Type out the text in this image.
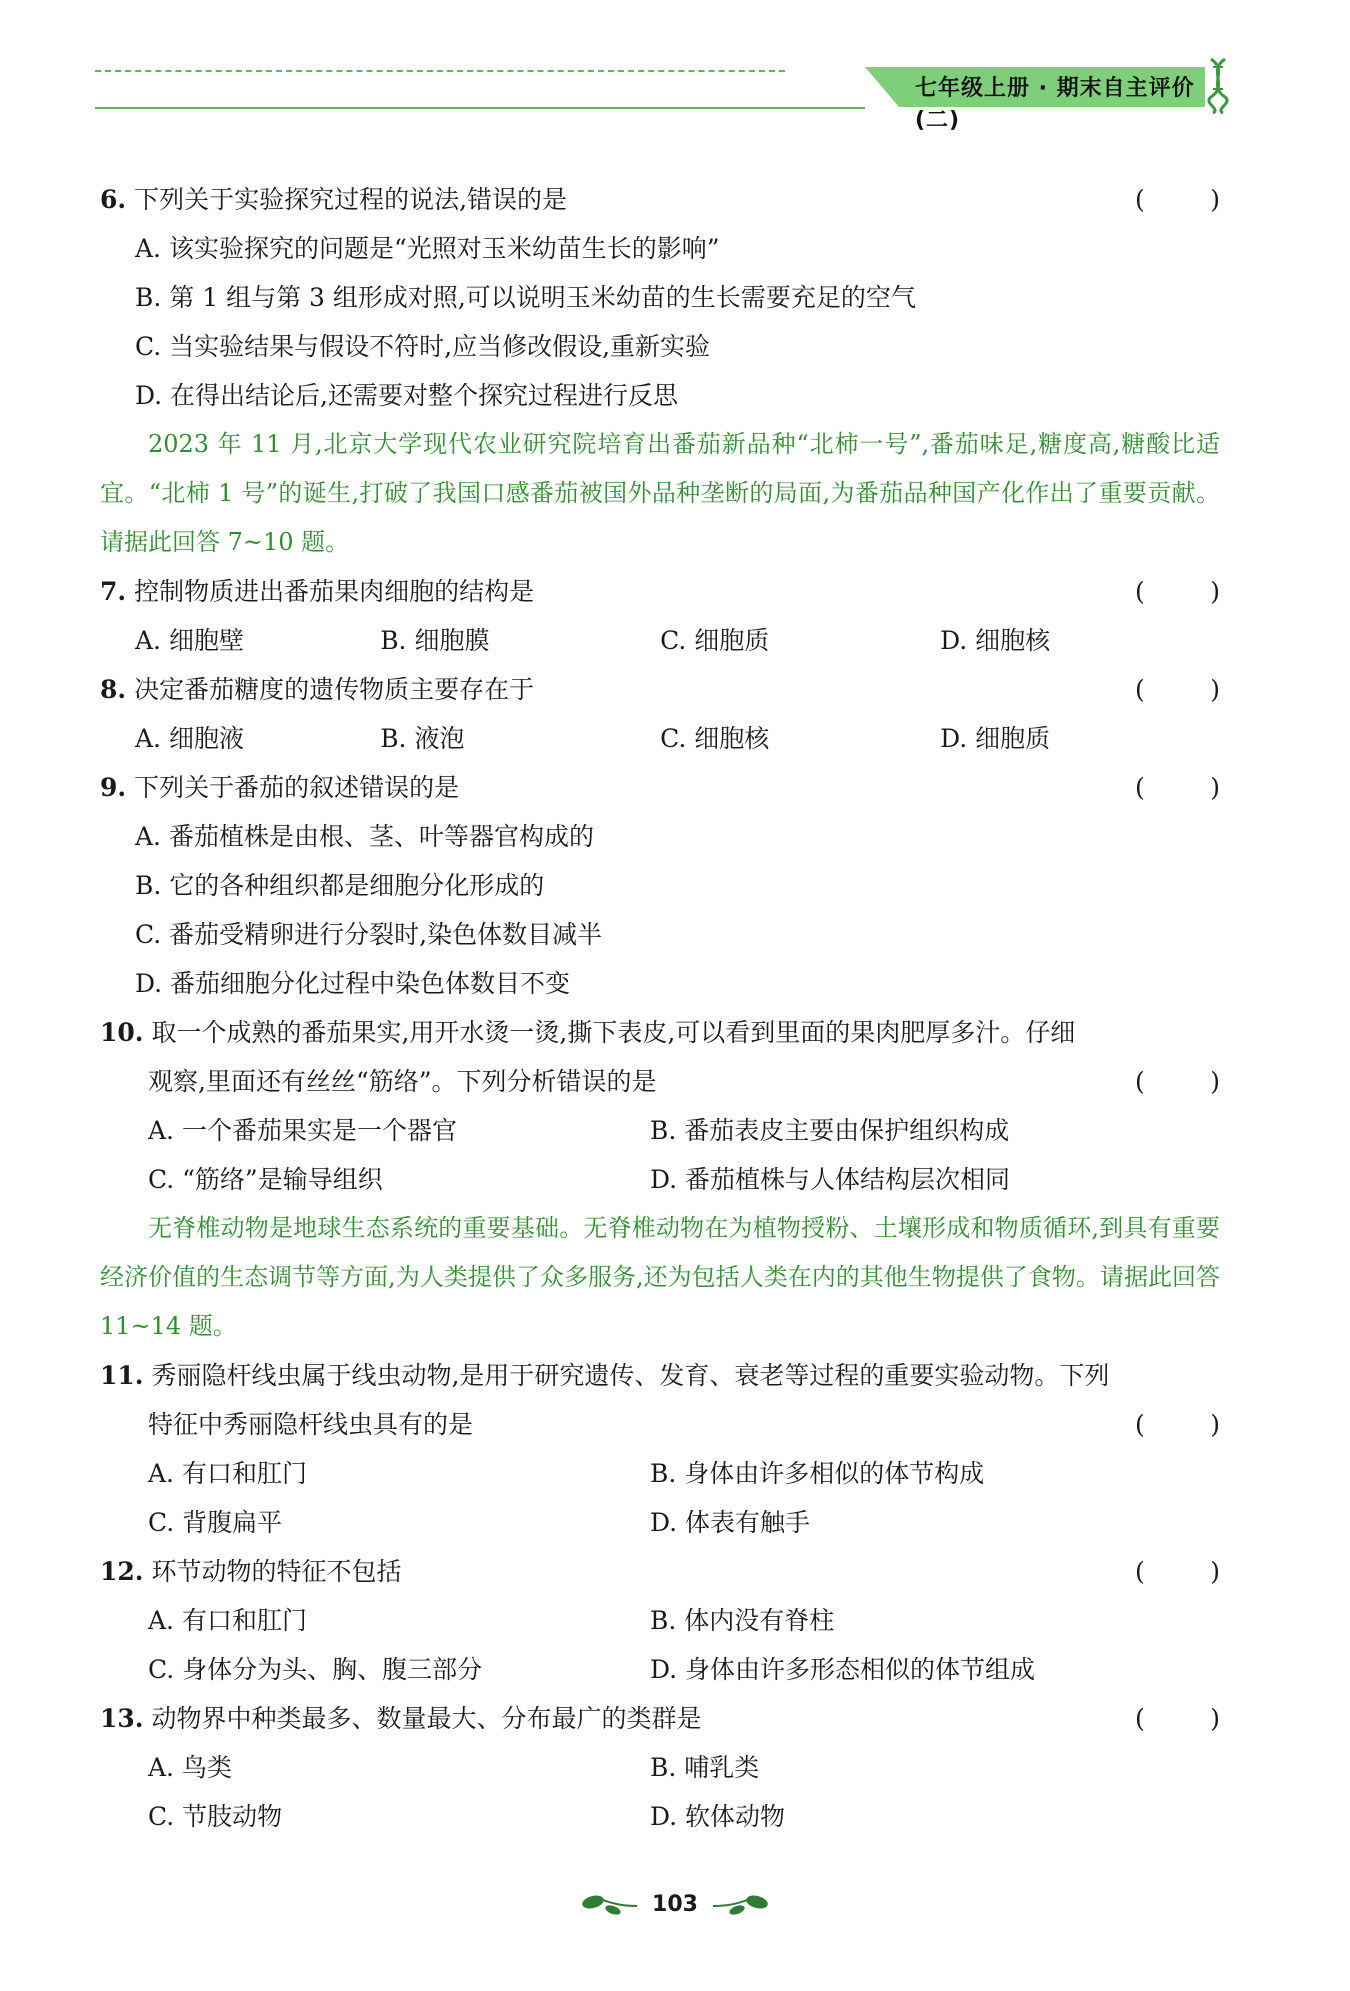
七年级上册 · 期末自主评价(二)
6. 下列关于实验探究过程的说法,错误的是	(	)
A. 该实验探究的问题是“光照对玉米幼苗生长的影响”
B. 第 1 组与第 3 组形成对照,可以说明玉米幼苗的生长需要充足的空气
C. 当实验结果与假设不符时,应当修改假设,重新实验
D. 在得出结论后,还需要对整个探究过程进行反思
2023 年 11 月,北京大学现代农业研究院培育出番茄新品种“北柿一号”,番茄味足,糖度高,糖酸比适宜。“北柿 1 号”的诞生,打破了我国口感番茄被国外品种垄断的局面,为番茄品种国产化作出了重要贡献。请据此回答 7~10 题。
7. 控制物质进出番茄果肉细胞的结构是	(	)
A. 细胞壁	B. 细胞膜	C. 细胞质	D. 细胞核
8. 决定番茄糖度的遗传物质主要存在于	(	)
A. 细胞液	B. 液泡	C. 细胞核	D. 细胞质
9. 下列关于番茄的叙述错误的是	(	)
A. 番茄植株是由根、茎、叶等器官构成的
B. 它的各种组织都是细胞分化形成的
C. 番茄受精卵进行分裂时,染色体数目减半
D. 番茄细胞分化过程中染色体数目不变
10. 取一个成熟的番茄果实,用开水烫一烫,撕下表皮,可以看到里面的果肉肥厚多汁。仔细
观察,里面还有丝丝“筋络”。下列分析错误的是	(	)
A. 一个番茄果实是一个器官	B. 番茄表皮主要由保护组织构成
C. “筋络”是输导组织	D. 番茄植株与人体结构层次相同
无脊椎动物是地球生态系统的重要基础。无脊椎动物在为植物授粉、土壤形成和物质循环,到具有重要经济价值的生态调节等方面,为人类提供了众多服务,还为包括人类在内的其他生物提供了食物。请据此回答 11~14 题。
11. 秀丽隐杆线虫属于线虫动物,是用于研究遗传、发育、衰老等过程的重要实验动物。下列
特征中秀丽隐杆线虫具有的是	(	)
A. 有口和肛门	B. 身体由许多相似的体节构成
C. 背腹扁平	D. 体表有触手
12. 环节动物的特征不包括	(	)
A. 有口和肛门	B. 体内没有脊柱
C. 身体分为头、胸、腹三部分	D. 身体由许多形态相似的体节组成
13. 动物界中种类最多、数量最大、分布最广的类群是	(	)
A. 鸟类	B. 哺乳类
C. 节肢动物	D. 软体动物
103
